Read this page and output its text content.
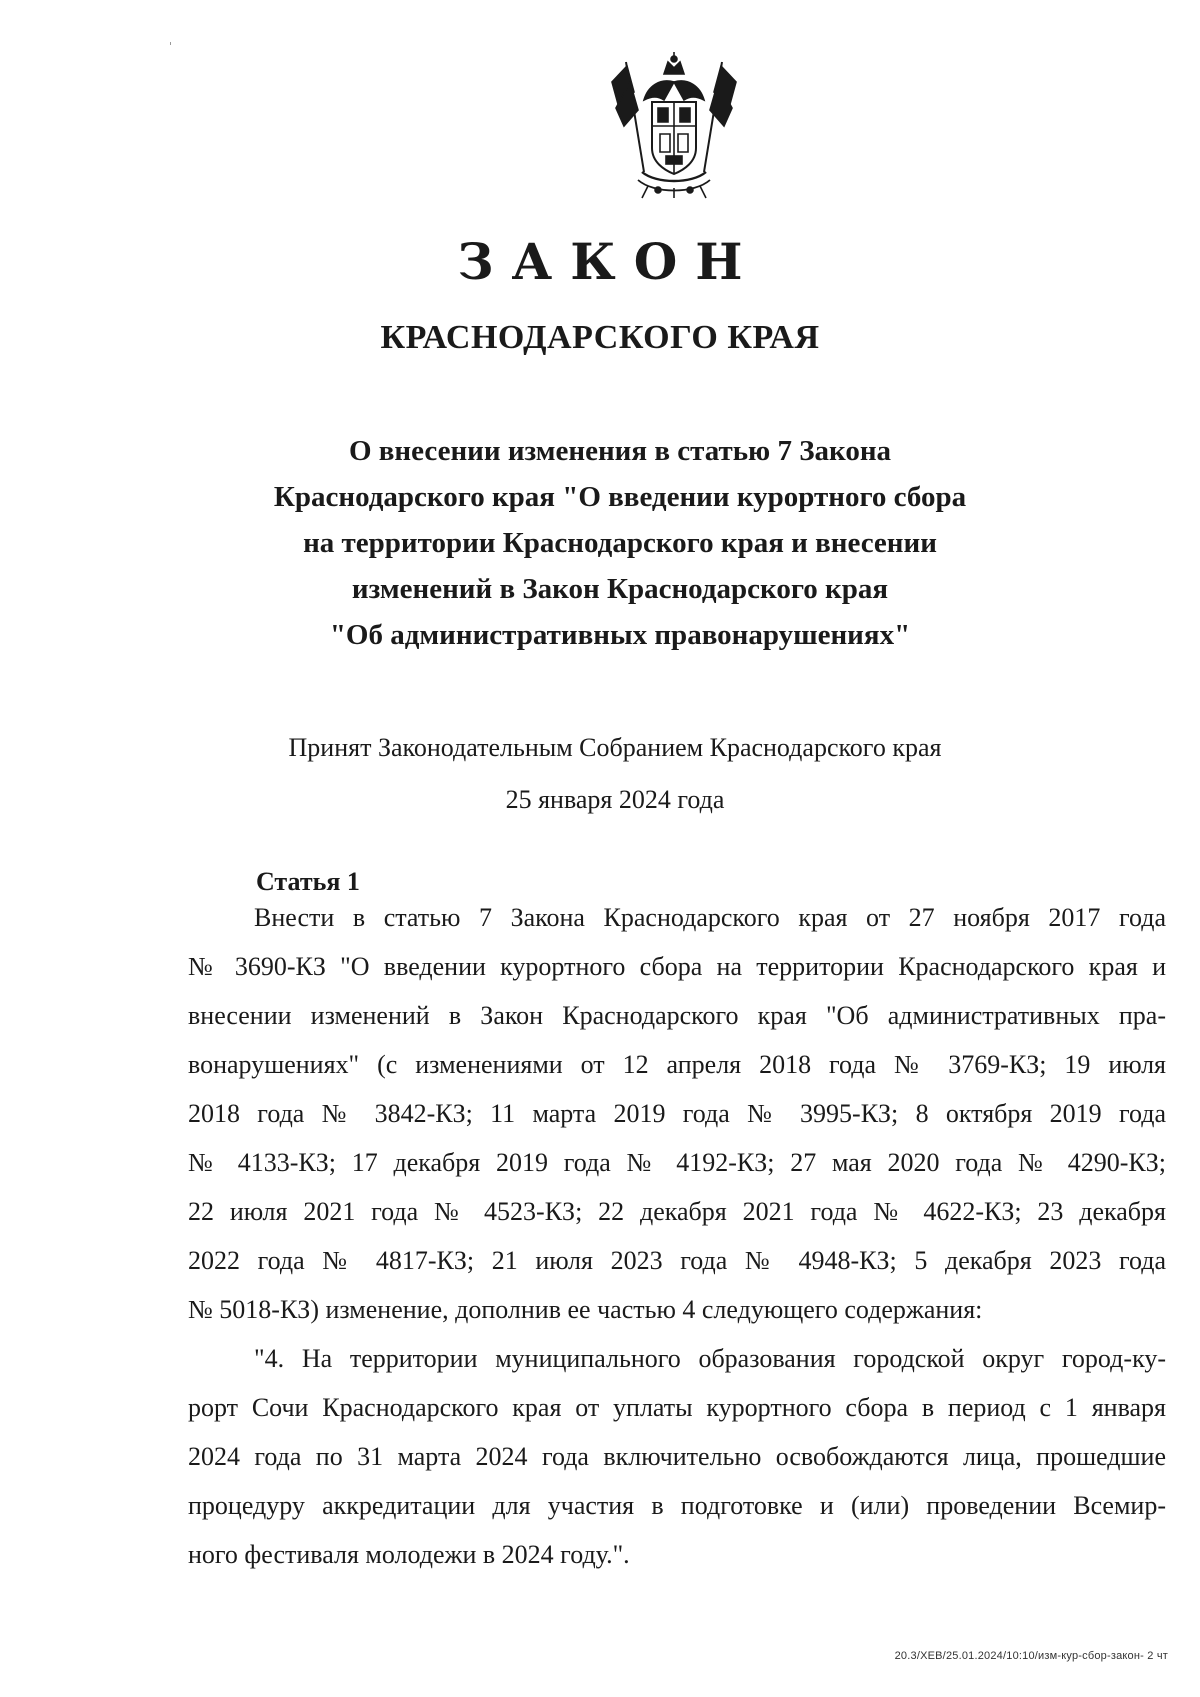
ЗАКОН
КРАСНОДАРСКОГО КРАЯ
О внесении изменения в статью 7 Закона
Краснодарского края "О введении курортного сбора
на территории Краснодарского края и внесении
изменений в Закон Краснодарского края
"Об административных правонарушениях"
Принят Законодательным Собранием Краснодарского края
25 января 2024 года
Статья 1
Внести в статью 7 Закона Краснодарского края от 27 ноября 2017 года
№ 3690-КЗ "О введении курортного сбора на территории Краснодарского края и
внесении изменений в Закон Краснодарского края "Об административных пра-
вонарушениях" (с изменениями от 12 апреля 2018 года № 3769-КЗ; 19 июля
2018 года № 3842-КЗ; 11 марта 2019 года № 3995-КЗ; 8 октября 2019 года
№ 4133-КЗ; 17 декабря 2019 года № 4192-КЗ; 27 мая 2020 года № 4290-КЗ;
22 июля 2021 года № 4523-КЗ; 22 декабря 2021 года № 4622-КЗ; 23 декабря
2022 года № 4817-КЗ; 21 июля 2023 года № 4948-КЗ; 5 декабря 2023 года
№ 5018-КЗ) изменение, дополнив ее частью 4 следующего содержания:
"4. На территории муниципального образования городской округ город-ку-
рорт Сочи Краснодарского края от уплаты курортного сбора в период с 1 января
2024 года по 31 марта 2024 года включительно освобождаются лица, прошедшие
процедуру аккредитации для участия в подготовке и (или) проведении Всемир-
ного фестиваля молодежи в 2024 году.".
20.3/ХЕВ/25.01.2024/10:10/изм-кур-сбор-закон- 2 чт
